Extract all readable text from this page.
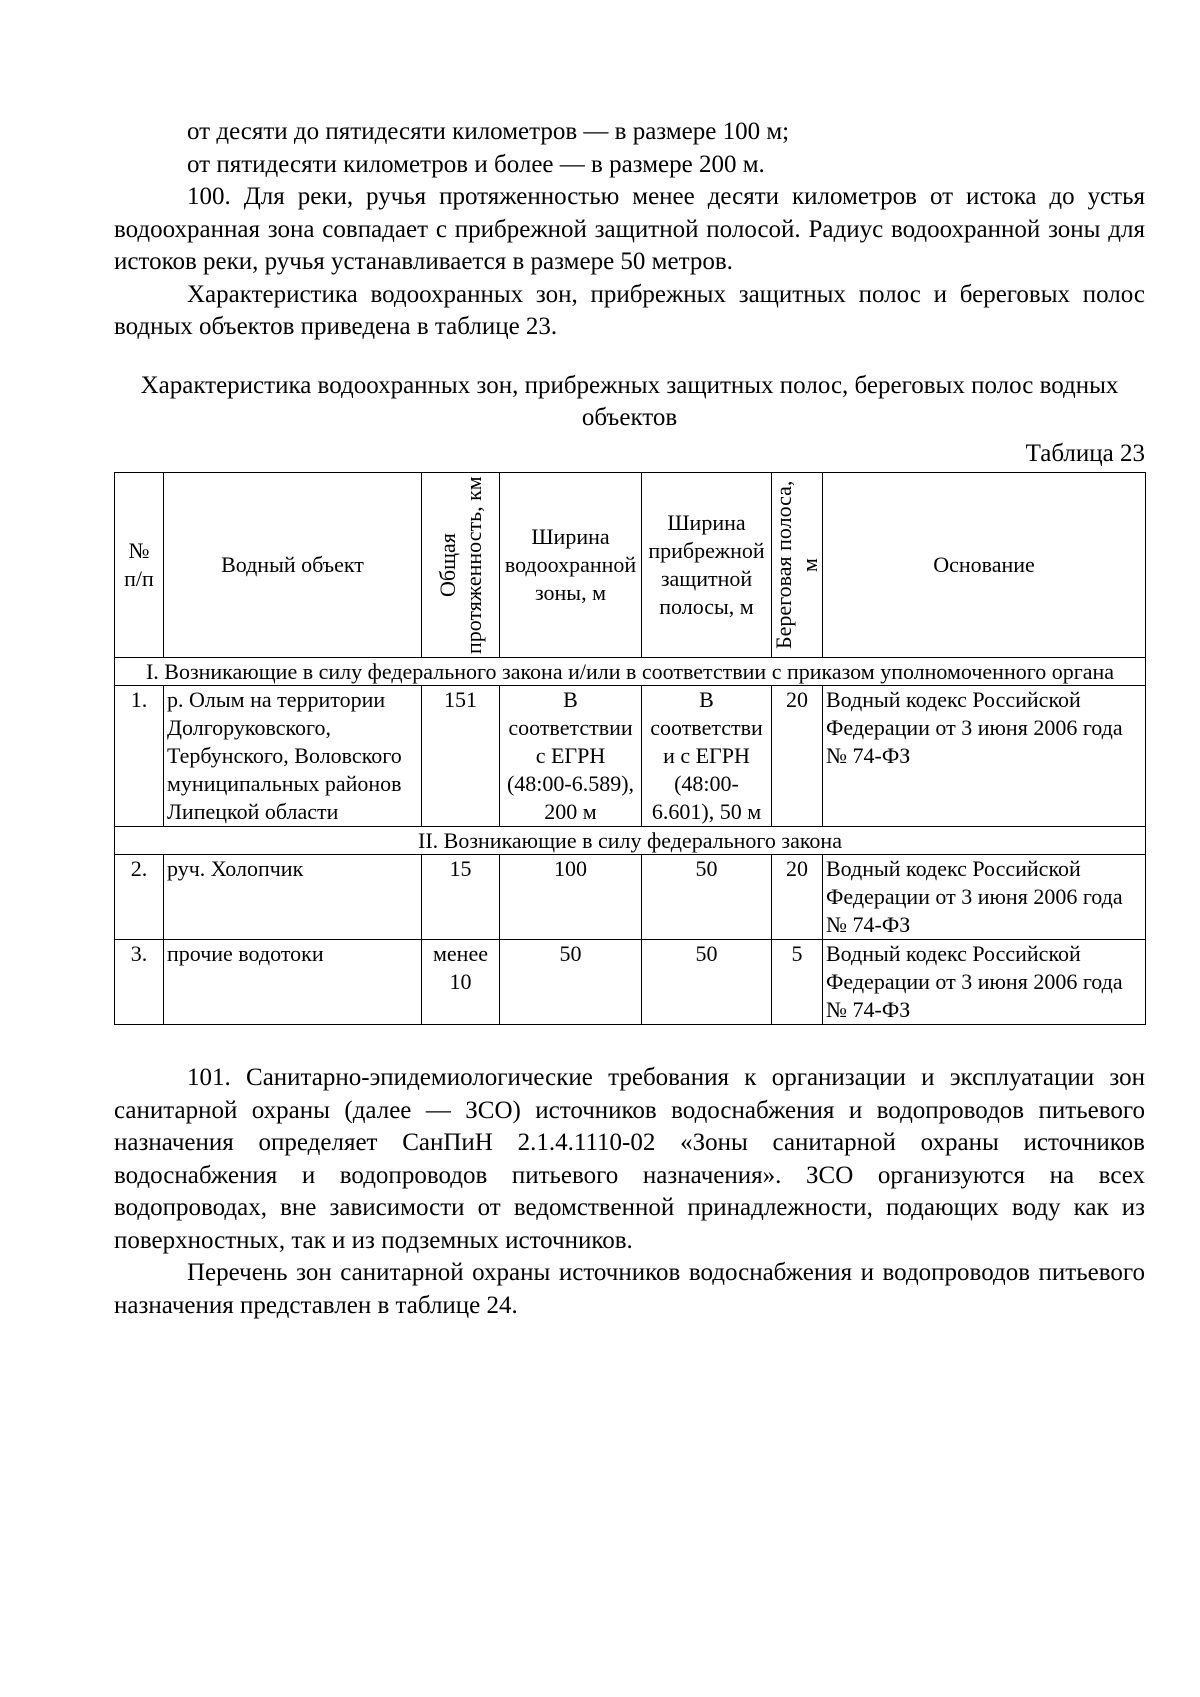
от десяти до пятидесяти километров — в размере 100 м;

от пятидесяти километров и более — в размере 200 м.

100. Для реки, ручья протяженностью менее десяти километров от истока до устья водоохранная зона совпадает с прибрежной защитной полосой. Радиус водоохранной зоны для истоков реки, ручья устанавливается в размере 50 метров.

Характеристика водоохранных зон, прибрежных защитных полос и береговых полос водных объектов приведена в таблице 23.

Характеристика водоохранных зон, прибрежных защитных полос, береговых полос водных объектов

Таблица 23

№ п/п	Водный объект	Общая протяженность, км	Ширина водоохранной зоны, м	Ширина прибрежной защитной полосы, м	Береговая полоса, м	Основание
I. Возникающие в силу федерального закона и/или в соответствии с приказом уполномоченного органа						
1.	р. Олым на территории Долгоруковского, Тербунского, Воловского муниципальных районов Липецкой области	151	В соответствии с ЕГРН (48:00-6.589), 200 м	В соответстви и с ЕГРН (48:00-6.601), 50 м	20	Водный кодекс Российской Федерации от 3 июня 2006 года № 74-ФЗ
II. Возникающие в силу федерального закона						
2.	руч. Холопчик	15	100	50	20	Водный кодекс Российской Федерации от 3 июня 2006 года № 74-ФЗ
3.	прочие водотоки	менее 10	50	50	5	Водный кодекс Российской Федерации от 3 июня 2006 года № 74-ФЗ

101. Санитарно-эпидемиологические требования к организации и эксплуатации зон санитарной охраны (далее — ЗСО) источников водоснабжения и водопроводов питьевого назначения определяет СанПиН 2.1.4.1110-02 «Зоны санитарной охраны источников водоснабжения и водопроводов питьевого назначения». ЗСО организуются на всех водопроводах, вне зависимости от ведомственной принадлежности, подающих воду как из поверхностных, так и из подземных источников.

Перечень зон санитарной охраны источников водоснабжения и водопроводов питьевого назначения представлен в таблице 24.
